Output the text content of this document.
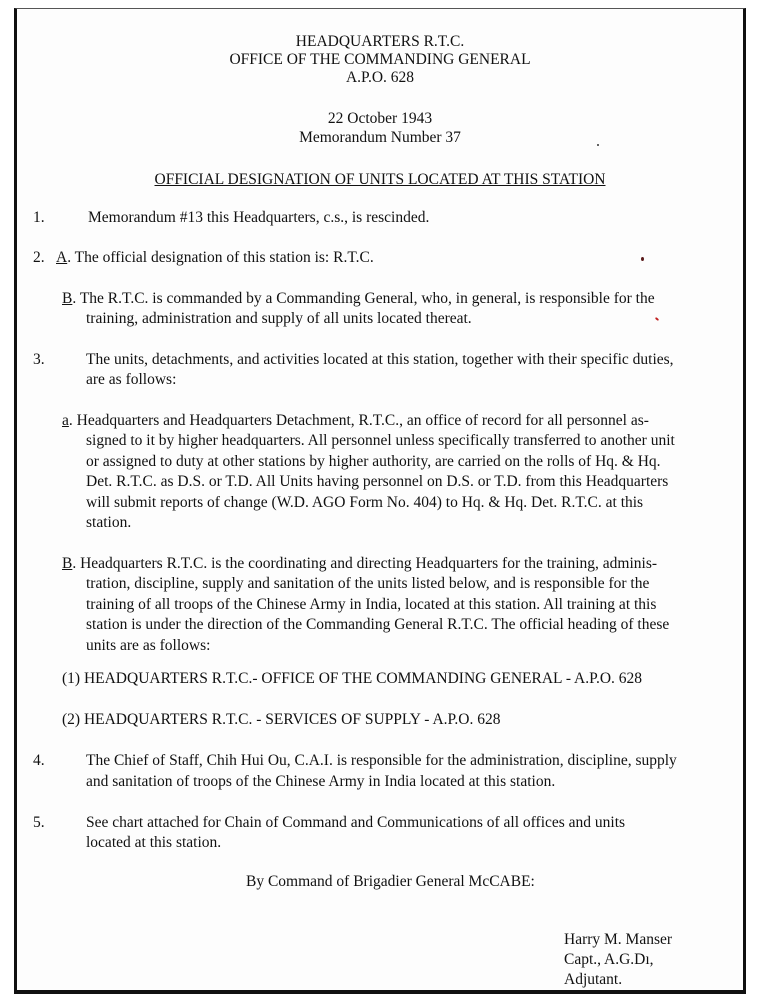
HEADQUARTERS R.T.C.
OFFICE OF THE COMMANDING GENERAL
A.P.O. 628
22 October 1943
Memorandum Number 37
OFFICIAL DESIGNATION OF UNITS LOCATED AT THIS STATION
1.	Memorandum #13 this Headquarters, c.s., is rescinded.
2. A. The official designation of this station is: R.T.C.
B. The R.T.C. is commanded by a Commanding General, who, in general, is responsible for the
training, administration and supply of all units located thereat.
3.	The units, detachments, and activities located at this station, together with their specific duties,
are as follows:
a. Headquarters and Headquarters Detachment, R.T.C., an office of record for all personnel as-
signed to it by higher headquarters. All personnel unless specifically transferred to another unit
or assigned to duty at other stations by higher authority, are carried on the rolls of Hq. & Hq.
Det. R.T.C. as D.S. or T.D. All Units having personnel on D.S. or T.D. from this Headquarters
will submit reports of change (W.D. AGO Form No. 404) to Hq. & Hq. Det. R.T.C. at this
station.
B. Headquarters R.T.C. is the coordinating and directing Headquarters for the training, adminis-
tration, discipline, supply and sanitation of the units listed below, and is responsible for the
training of all troops of the Chinese Army in India, located at this station. All training at this
station is under the direction of the Commanding General R.T.C. The official heading of these
units are as follows:
(1) HEADQUARTERS R.T.C.- OFFICE OF THE COMMANDING GENERAL - A.P.O. 628
(2) HEADQUARTERS R.T.C. - SERVICES OF SUPPLY - A.P.O. 628
4.	The Chief of Staff, Chih Hui Ou, C.A.I. is responsible for the administration, discipline, supply
and sanitation of troops of the Chinese Army in India located at this station.
5.	See chart attached for Chain of Command and Communications of all offices and units
located at this station.
By Command of Brigadier General McCABE:
Harry M. Manser
Capt., A.G.Dı,
Adjutant.
